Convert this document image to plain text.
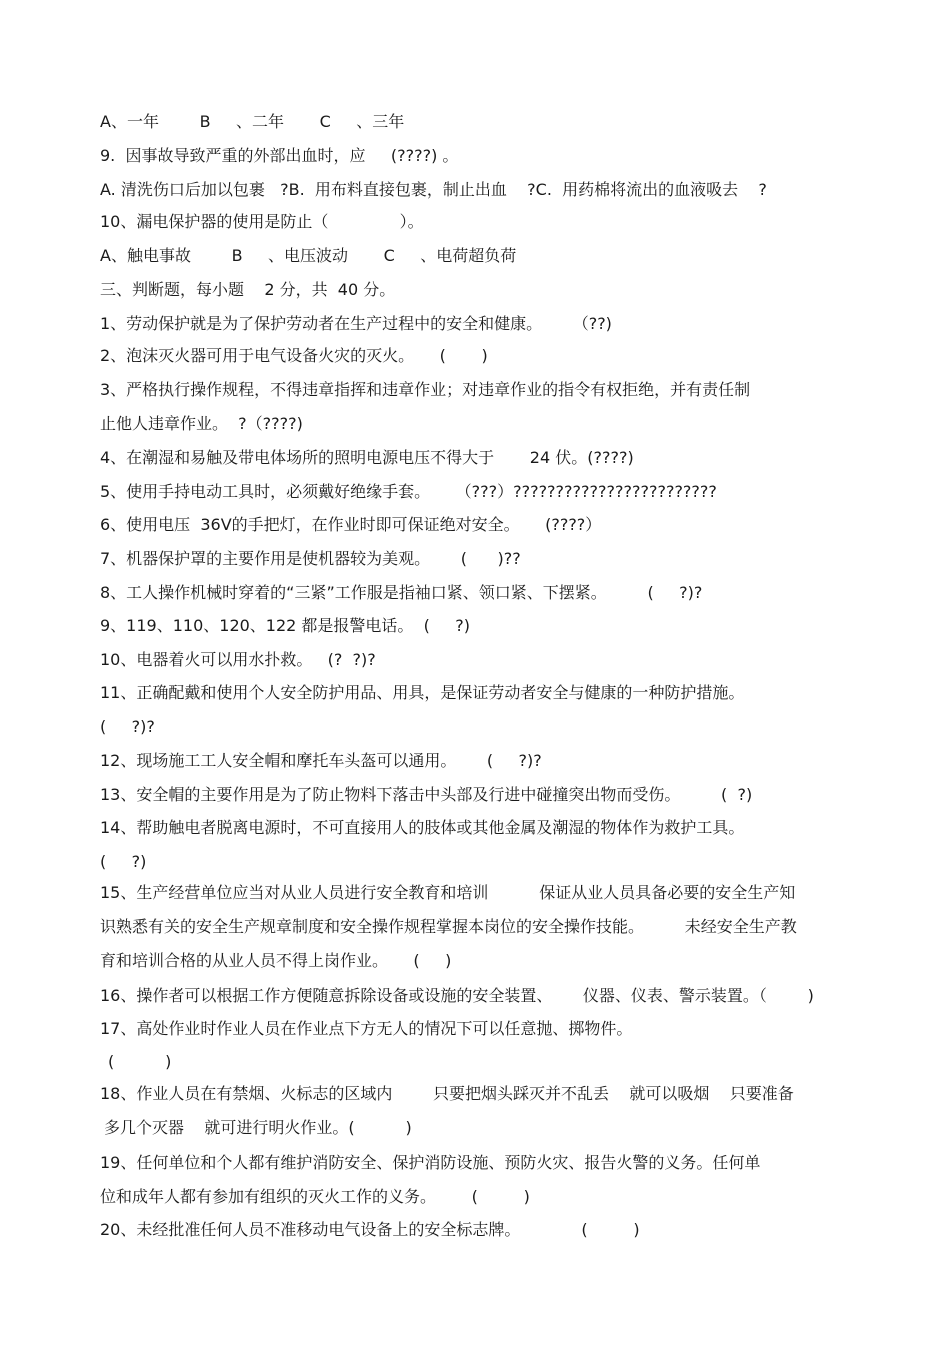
A、一年        B     、二年       C     、三年

9.  因事故导致严重的外部出血时，应     (????) 。

A. 清洗伤口后加以包裹   ?B.  用布料直接包裹，制止出血    ?C.  用药棉将流出的血液吸去    ?

10、漏电保护器的使用是防止（              ）。

A、触电事故        B     、电压波动       C     、电荷超负荷

三、判断题，每小题    2 分，共  40 分。

1、劳动保护就是为了保护劳动者在生产过程中的安全和健康。      （??)

2、泡沫灭火器可用于电气设备火灾的灭火。     (       )

3、严格执行操作规程，不得违章指挥和违章作业；对违章作业的指令有权拒绝，并有责任制

止他人违章作业。  ?（????)

4、在潮湿和易触及带电体场所的照明电源电压不得大于       24 伏。(????)

5、使用手持电动工具时，必须戴好绝缘手套。     （???）????????????????????????

6、使用电压  36V的手把灯，在作业时即可保证绝对安全。     (????）

7、机器保护罩的主要作用是使机器较为美观。      (      )??

8、工人操作机械时穿着的“三紧”工作服是指袖口紧、领口紧、下摆紧。        (     ?)?

9、119、110、120、122 都是报警电话。  (     ?)

10、电器着火可以用水扑救。   (?  ?)?

11、正确配戴和使用个人安全防护用品、用具，是保证劳动者安全与健康的一种防护措施。

(     ?)?

12、现场施工工人安全帽和摩托车头盔可以通用。      (     ?)?

13、安全帽的主要作用是为了防止物料下落击中头部及行进中碰撞突出物而受伤。        (  ?)

14、帮助触电者脱离电源时，不可直接用人的肢体或其他金属及潮湿的物体作为救护工具。

(     ?)

15、生产经营单位应当对从业人员进行安全教育和培训          保证从业人员具备必要的安全生产知

识熟悉有关的安全生产规章制度和安全操作规程掌握本岗位的安全操作技能。        未经安全生产教

育和培训合格的从业人员不得上岗作业。     (     )

16、操作者可以根据工作方便随意拆除设备或设施的安全装置、      仪器、仪表、警示装置。（        )

17、高处作业时作业人员在作业点下方无人的情况下可以任意抛、掷物件。

(          )

18、作业人员在有禁烟、火标志的区域内        只要把烟头踩灭并不乱丢    就可以吸烟    只要准备

多几个灭器    就可进行明火作业。(          )

19、任何单位和个人都有维护消防安全、保护消防设施、预防火灾、报告火警的义务。任何单

位和成年人都有参加有组织的灭火工作的义务。       (         )

20、未经批准任何人员不准移动电气设备上的安全标志牌。            (         )
